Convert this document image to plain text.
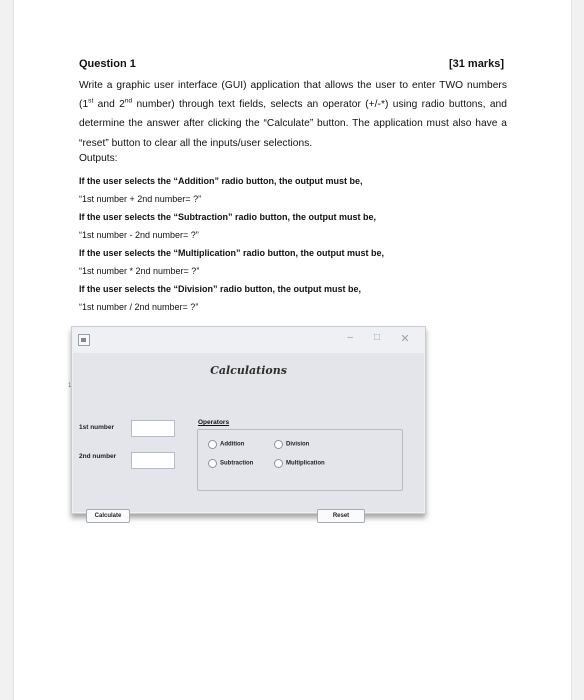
Question 1	[31 marks]
Write a graphic user interface (GUI) application that allows the user to enter TWO numbers (1st and 2nd number) through text fields, selects an operator (+/-*) using radio buttons, and determine the answer after clicking the “Calculate” button. The application must also have a “reset” button to clear all the inputs/user selections.
Outputs:
If the user selects the “Addition” radio button, the output must be,
“1st number + 2nd number= ?”
If the user selects the “Subtraction” radio button, the output must be,
“1st number - 2nd number= ?”
If the user selects the “Multiplication” radio button, the output must be,
“1st number * 2nd number= ?”
If the user selects the “Division” radio button, the output must be,
“1st number / 2nd number= ?”
1
–	□	✕
Calculations
1st number
2nd number
Operators
Addition	Division
Subtraction	Multiplication
Calculate	Reset
